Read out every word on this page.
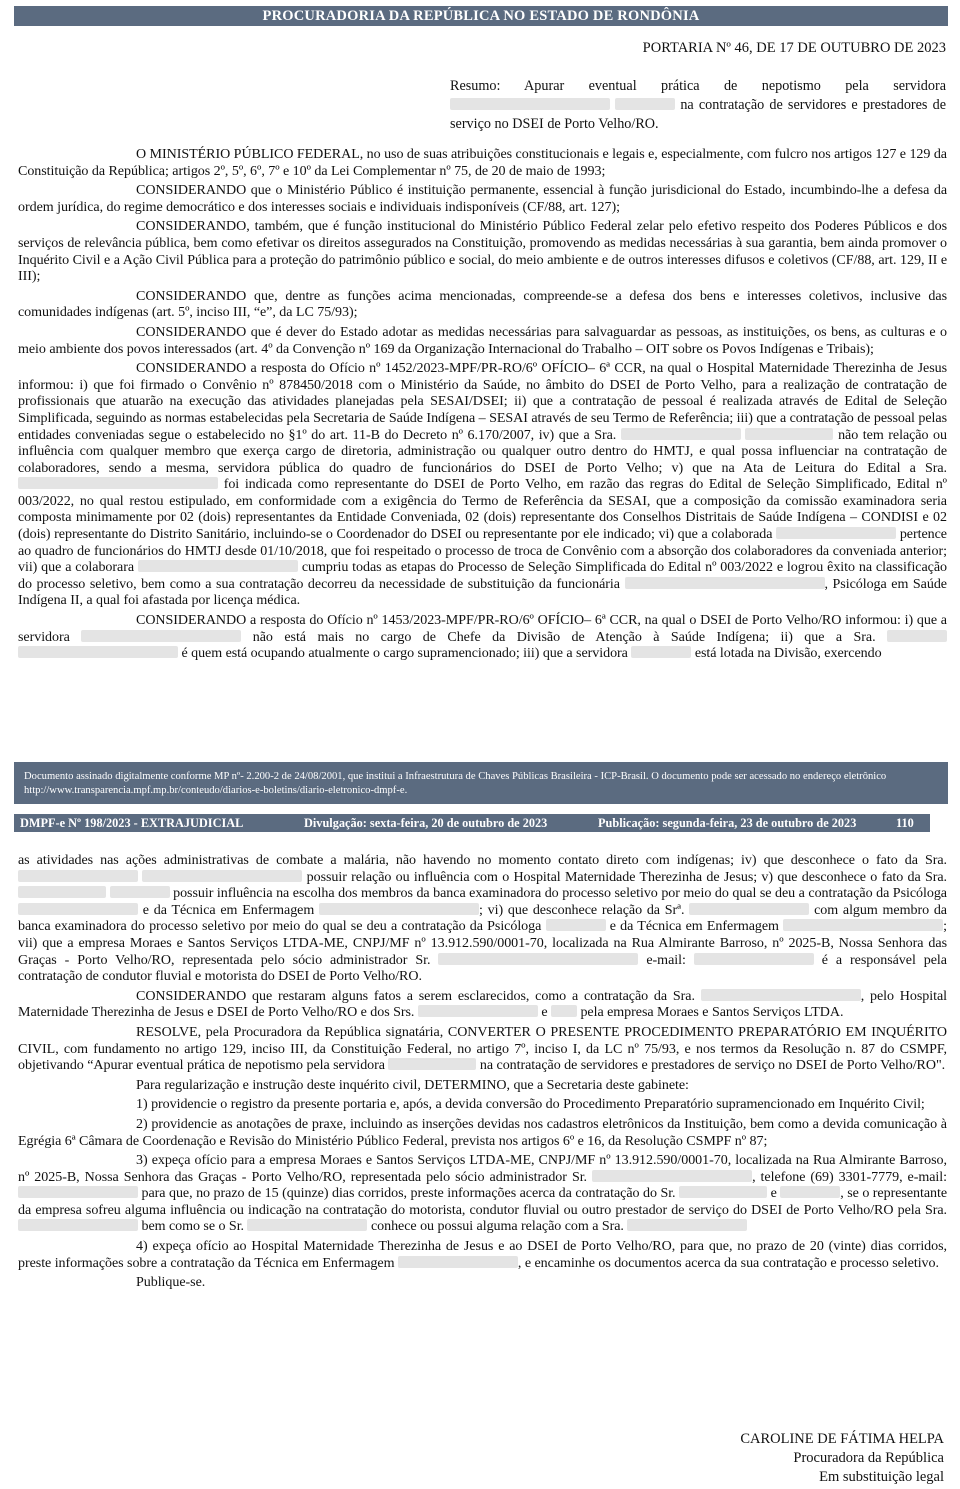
PROCURADORIA DA REPÚBLICA NO ESTADO DE RONDÔNIA
PORTARIA Nº 46, DE 17 DE OUTUBRO DE 2023

Resumo: Apurar eventual prática de nepotismo pela servidora   na contratação de servidores e prestadores de serviço no DSEI de Porto Velho/RO.

O MINISTÉRIO PÚBLICO FEDERAL, no uso de suas atribuições constitucionais e legais e, especialmente, com fulcro nos artigos 127 e 129 da Constituição da República; artigos 2º, 5º, 6º, 7º e 10º da Lei Complementar nº 75, de 20 de maio de 1993;

CONSIDERANDO que o Ministério Público é instituição permanente, essencial à função jurisdicional do Estado, incumbindo-lhe a defesa da ordem jurídica, do regime democrático e dos interesses sociais e individuais indisponíveis (CF/88, art. 127);

CONSIDERANDO, também, que é função institucional do Ministério Público Federal zelar pelo efetivo respeito dos Poderes Públicos e dos serviços de relevância pública, bem como efetivar os direitos assegurados na Constituição, promovendo as medidas necessárias à sua garantia, bem ainda promover o Inquérito Civil e a Ação Civil Pública para a proteção do patrimônio público e social, do meio ambiente e de outros interesses difusos e coletivos (CF/88, art. 129, II e III);

CONSIDERANDO que, dentre as funções acima mencionadas, compreende-se a defesa dos bens e interesses coletivos, inclusive das comunidades indígenas (art. 5º, inciso III, “e”, da LC 75/93);

CONSIDERANDO que é dever do Estado adotar as medidas necessárias para salvaguardar as pessoas, as instituições, os bens, as culturas e o meio ambiente dos povos interessados (art. 4º da Convenção nº 169 da Organização Internacional do Trabalho – OIT sobre os Povos Indígenas e Tribais);

CONSIDERANDO a resposta do Ofício nº 1452/2023-MPF/PR-RO/6º OFÍCIO– 6ª CCR, na qual o Hospital Maternidade Therezinha de Jesus informou: i) que foi firmado o Convênio nº 878450/2018 com o Ministério da Saúde, no âmbito do DSEI de Porto Velho, para a realização de contratação de profissionais que atuarão na execução das atividades planejadas pela SESAI/DSEI; ii) que a contratação de pessoal é realizada através de Edital de Seleção Simplificada, seguindo as normas estabelecidas pela Secretaria de Saúde Indígena – SESAI através de seu Termo de Referência; iii) que a contratação de pessoal pelas entidades conveniadas segue o estabelecido no §1º do art. 11-B do Decreto nº 6.170/2007, iv) que a Sra.	não tem relação ou influência com qualquer membro que exerça cargo de diretoria, administração ou qualquer outro dentro do HMTJ, e qual possa influenciar na contratação de colaboradores, sendo a mesma, servidora pública do quadro de funcionários do DSEI de Porto Velho; v) que na Ata de Leitura do Edital a Sra.  foi indicada como representante do DSEI de Porto Velho, em razão das regras do Edital de Seleção Simplificado, Edital nº 003/2022, no qual restou estipulado, em conformidade com a exigência do Termo de Referência da SESAI, que a composição da comissão examinadora seria composta minimamente por 02 (dois) representantes da Entidade Conveniada, 02 (dois) representante dos Conselhos Distritais de Saúde Indígena – CONDISI e 02 (dois) representante do Distrito Sanitário, incluindo-se o Coordenador do DSEI ou representante por ele indicado; vi) que a colaborada	pertence ao quadro de funcionários do HMTJ desde 01/10/2018, que foi respeitado o processo de troca de Convênio com a absorção dos colaboradores da conveniada anterior; vii) que a colaborara	cumpriu todas as etapas do Processo de Seleção Simplificada do Edital nº 003/2022 e logrou êxito na classificação do processo seletivo, bem como a sua contratação decorreu da necessidade de substituição da funcionária	, Psicóloga em Saúde Indígena II, a qual foi afastada por licença médica.

CONSIDERANDO a resposta do Ofício nº 1453/2023-MPF/PR-RO/6º OFÍCIO– 6ª CCR, na qual o DSEI de Porto Velho/RO informou: i) que a servidora	não está mais no cargo de Chefe da Divisão de Atenção à Saúde Indígena; ii) que a Sra.   é quem está ocupando atualmente o cargo supramencionado; iii) que a servidora	está lotada na Divisão, exercendo

Documento assinado digitalmente conforme MP nº- 2.200-2 de 24/08/2001, que institui a Infraestrutura de Chaves Públicas Brasileira - ICP-Brasil. O documento pode ser acessado no endereço eletrônico http://www.transparencia.mpf.mp.br/conteudo/diarios-e-boletins/diario-eletronico-dmpf-e.
DMPF-e Nº 198/2023 - EXTRAJUDICIAL	Divulgação: sexta-feira, 20 de outubro de 2023	Publicação: segunda-feira, 23 de outubro de 2023	110

as atividades nas ações administrativas de combate a malária, não havendo no momento contato direto com indígenas; iv) que desconhece o fato da Sra.   possuir relação ou influência com o Hospital Maternidade Therezinha de Jesus; v) que desconhece o fato da Sra.   possuir influência na escolha dos membros da banca examinadora do processo seletivo por meio do qual se deu a contratação da Psicóloga  e da Técnica em Enfermagem	; vi) que desconhece relação da Srª.	com algum membro da banca examinadora do processo seletivo por meio do qual se deu a contratação da Psicóloga	e da Técnica em Enfermagem	; vii) que a empresa Moraes e Santos Serviços LTDA-ME, CNPJ/MF nº 13.912.590/0001-70, localizada na Rua Almirante Barroso, nº 2025-B, Nossa Senhora das Graças - Porto Velho/RO, representada pelo sócio administrador Sr.	e-mail:	é a responsável pela contratação de condutor fluvial e motorista do DSEI de Porto Velho/RO.

CONSIDERANDO que restaram alguns fatos a serem esclarecidos, como a contratação da Sra.	, pelo Hospital Maternidade Therezinha de Jesus e DSEI de Porto Velho/RO e dos Srs.	e pela empresa Moraes e Santos Serviços LTDA.

RESOLVE, pela Procuradora da República signatária, CONVERTER O PRESENTE PROCEDIMENTO PREPARATÓRIO EM INQUÉRITO CIVIL, com fundamento no artigo 129, inciso III, da Constituição Federal, no artigo 7º, inciso I, da LC nº 75/93, e nos termos da Resolução n. 87 do CSMPF, objetivando “Apurar eventual prática de nepotismo pela servidora	na contratação de servidores e prestadores de serviço no DSEI de Porto Velho/RO".

Para regularização e instrução deste inquérito civil, DETERMINO, que a Secretaria deste gabinete:

1) providencie o registro da presente portaria e, após, a devida conversão do Procedimento Preparatório supramencionado em Inquérito Civil;

2) providencie as anotações de praxe, incluindo as inserções devidas nos cadastros eletrônicos da Instituição, bem como a devida comunicação à Egrégia 6ª Câmara de Coordenação e Revisão do Ministério Público Federal, prevista nos artigos 6º e 16, da Resolução CSMPF nº 87;

3) expeça ofício para a empresa Moraes e Santos Serviços LTDA-ME, CNPJ/MF nº 13.912.590/0001-70, localizada na Rua Almirante Barroso, nº 2025-B, Nossa Senhora das Graças - Porto Velho/RO, representada pelo sócio administrador Sr.	, telefone (69) 3301-7779, e-mail:  para que, no prazo de 15 (quinze) dias corridos, preste informações acerca da contratação do Sr.	e	, se o representante da empresa sofreu alguma influência ou indicação na contratação do motorista, condutor fluvial ou outro prestador de serviço do DSEI de Porto Velho/RO pela Sra.  bem como se o Sr.	conhece ou possui alguma relação com a Sra.

4) expeça ofício ao Hospital Maternidade Therezinha de Jesus e ao DSEI de Porto Velho/RO, para que, no prazo de 20 (vinte) dias corridos, preste informações sobre a contratação da Técnica em Enfermagem	, e encaminhe os documentos acerca da sua contratação e processo seletivo.

Publique-se.

CAROLINE DE FÁTIMA HELPA
Procuradora da República
Em substituição legal
